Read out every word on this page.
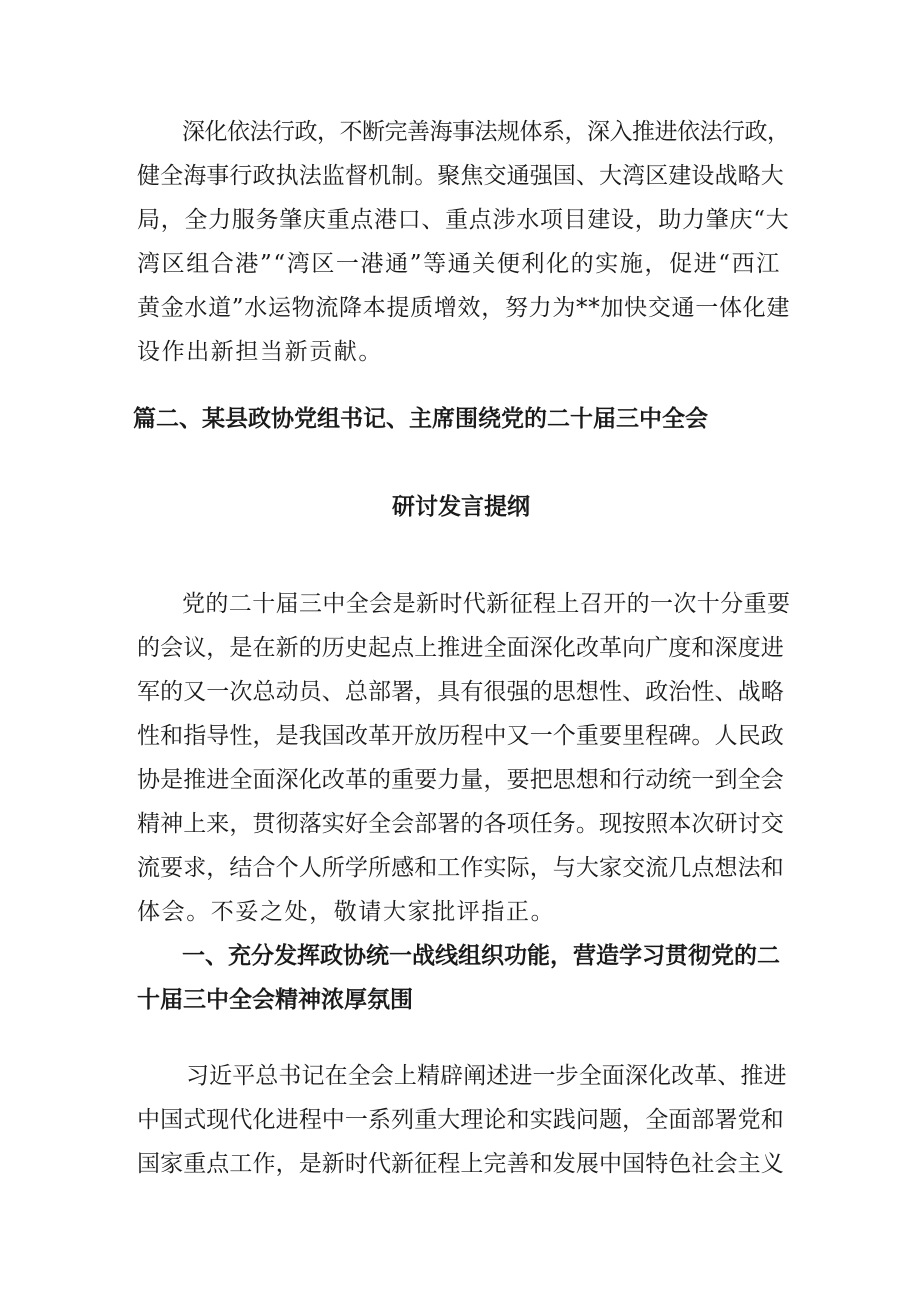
深化依法行政，不断完善海事法规体系，深入推进依法行政，
健全海事行政执法监督机制。聚焦交通强国、大湾区建设战略大
局，全力服务肇庆重点港口、重点涉水项目建设，助力肇庆“大
湾区组合港”“湾区一港通”等通关便利化的实施，促进“西江
黄金水道”水运物流降本提质增效，努力为**加快交通一体化建
设作出新担当新贡献。
篇二、某县政协党组书记、主席围绕党的二十届三中全会
研讨发言提纲
党的二十届三中全会是新时代新征程上召开的一次十分重要
的会议，是在新的历史起点上推进全面深化改革向广度和深度进
军的又一次总动员、总部署，具有很强的思想性、政治性、战略
性和指导性，是我国改革开放历程中又一个重要里程碑。人民政
协是推进全面深化改革的重要力量，要把思想和行动统一到全会
精神上来，贯彻落实好全会部署的各项任务。现按照本次研讨交
流要求，结合个人所学所感和工作实际，与大家交流几点想法和
体会。不妥之处，敬请大家批评指正。
一、充分发挥政协统一战线组织功能，营造学习贯彻党的二
十届三中全会精神浓厚氛围
习近平总书记在全会上精辟阐述进一步全面深化改革、推进
中国式现代化进程中一系列重大理论和实践问题，全面部署党和
国家重点工作，是新时代新征程上完善和发展中国特色社会主义
